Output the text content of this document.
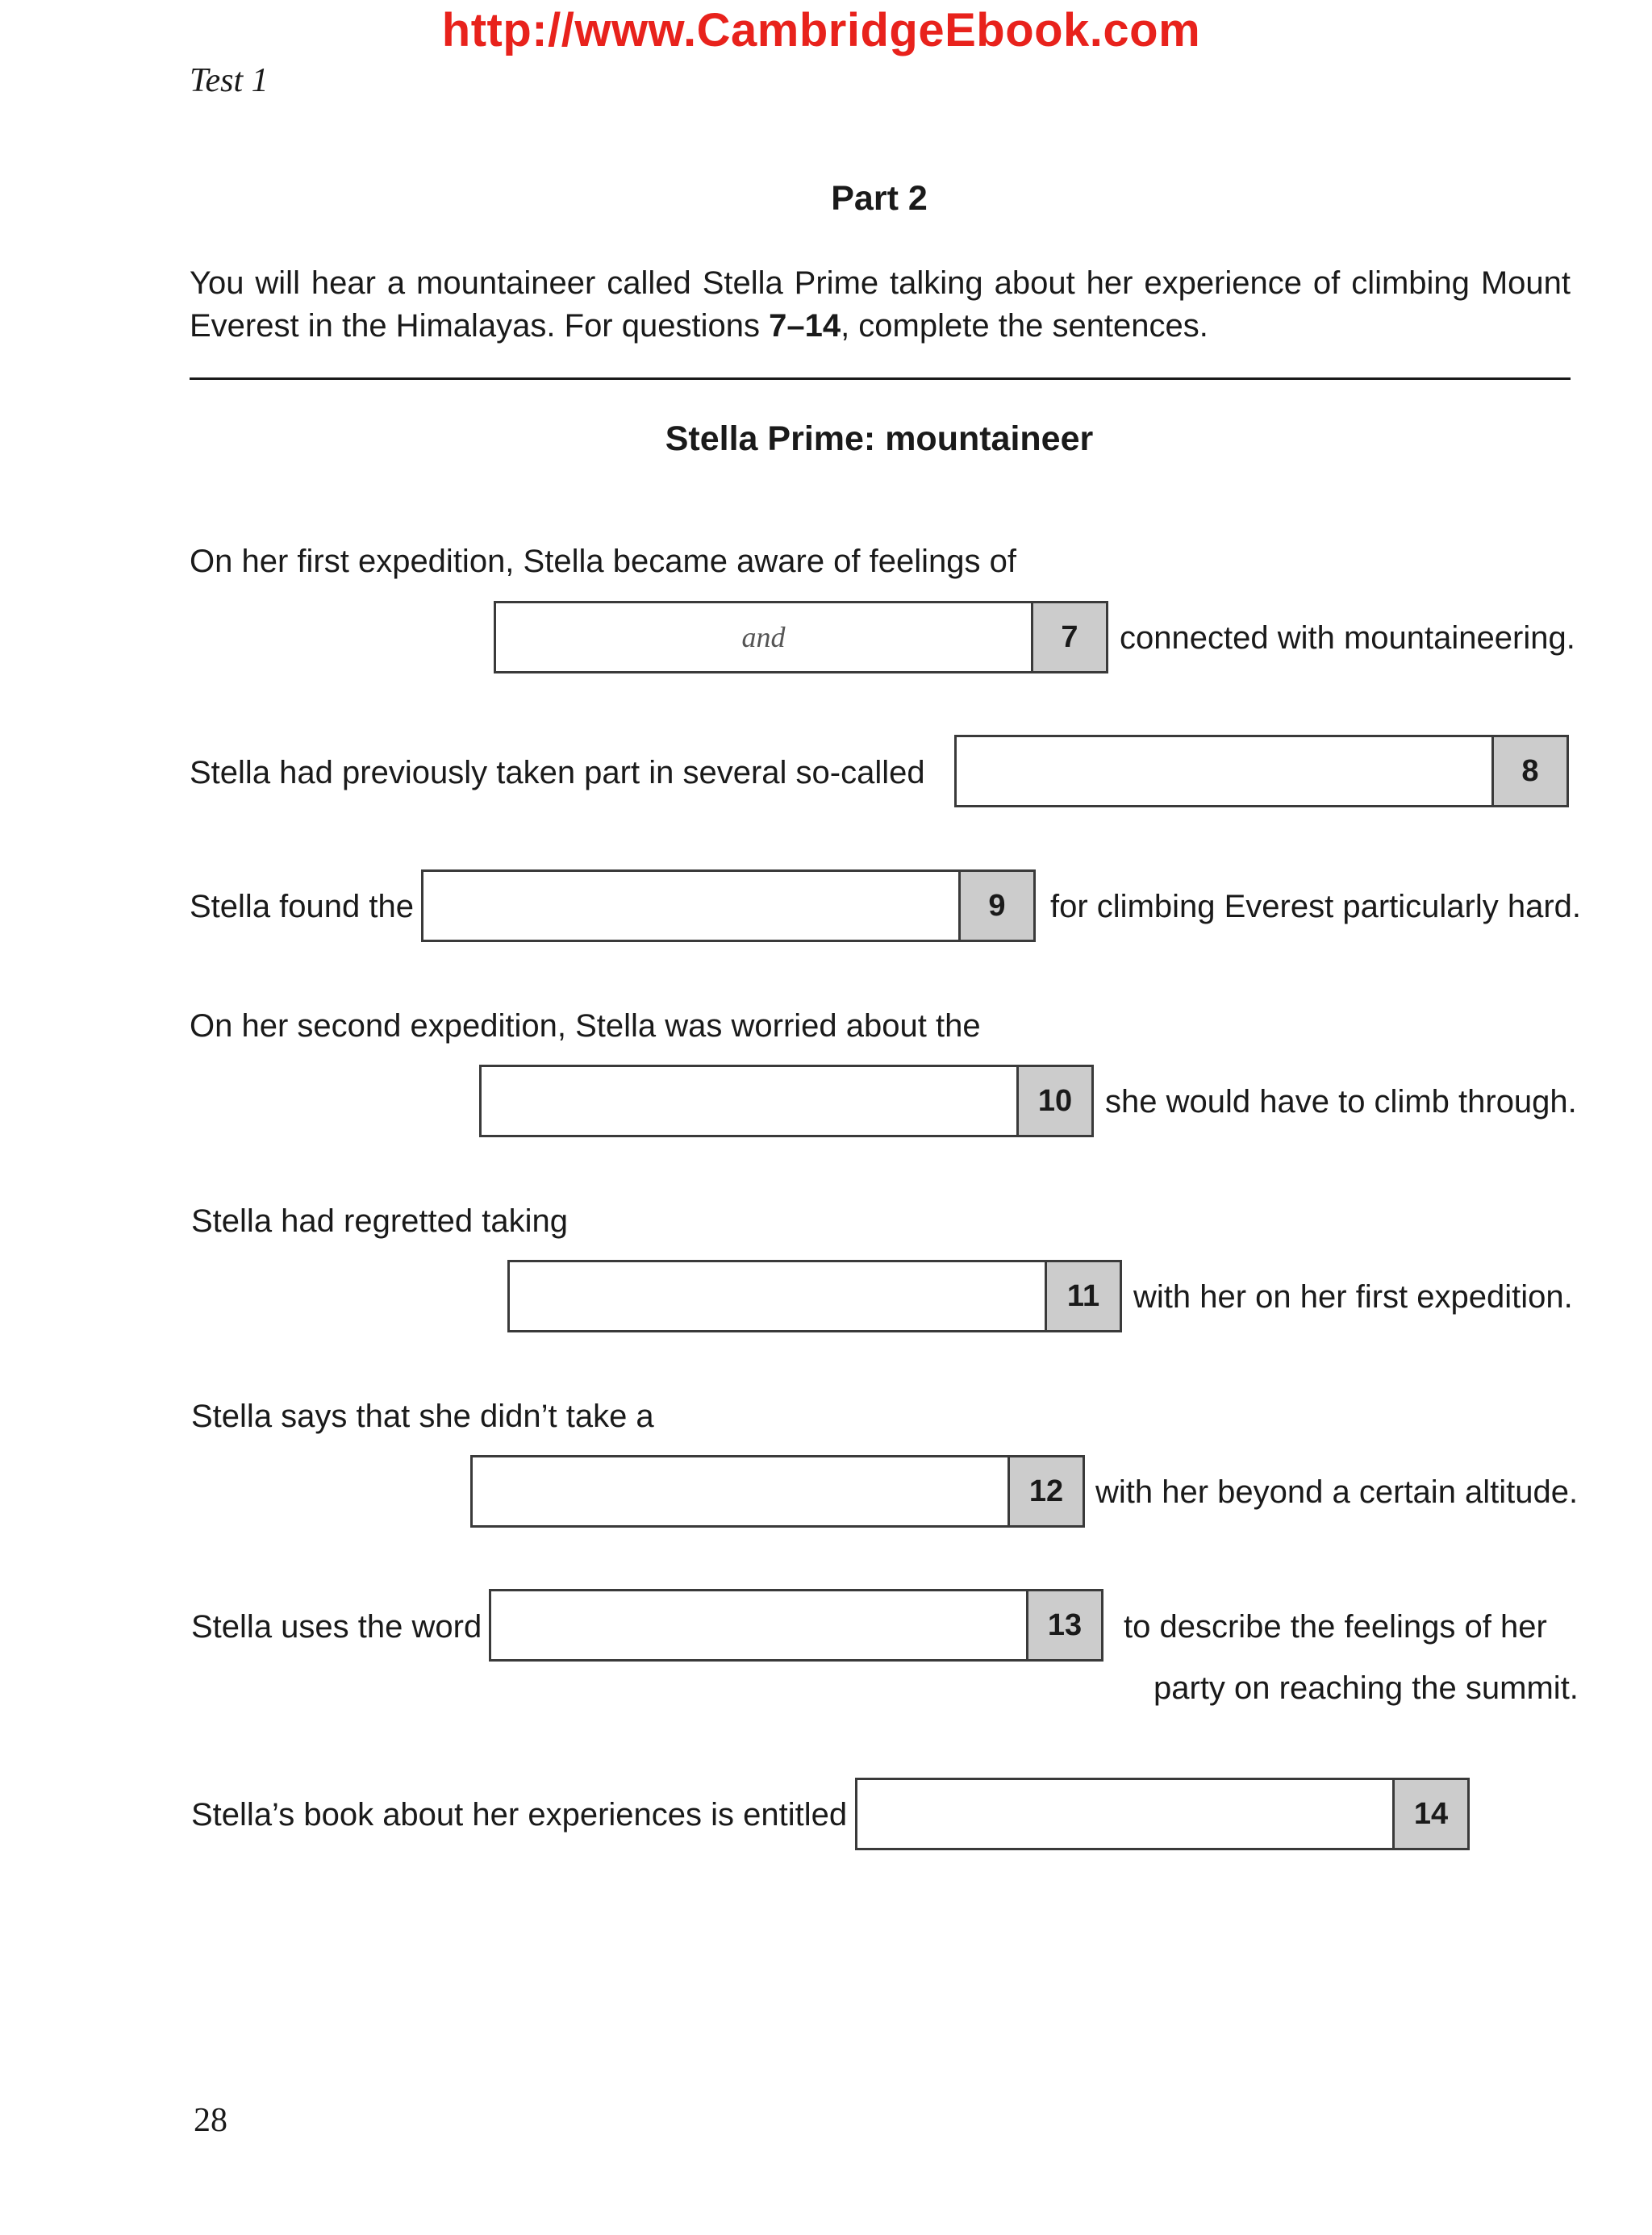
http://www.CambridgeEbook.com
Test 1
Part 2
You will hear a mountaineer called Stella Prime talking about her experience of climbing Mount Everest in the Himalayas. For questions 7–14, complete the sentences.
Stella Prime: mountaineer
On her first expedition, Stella became aware of feelings of
and	7	connected with mountaineering.
Stella had previously taken part in several so-called	8
Stella found the	9	for climbing Everest particularly hard.
On her second expedition, Stella was worried about the
10	she would have to climb through.
Stella had regretted taking
11	with her on her first expedition.
Stella says that she didn’t take a
12 with her beyond a certain altitude.
Stella uses the word	13	to describe the feelings of her
party on reaching the summit.
Stella’s book about her experiences is entitled	14
28
